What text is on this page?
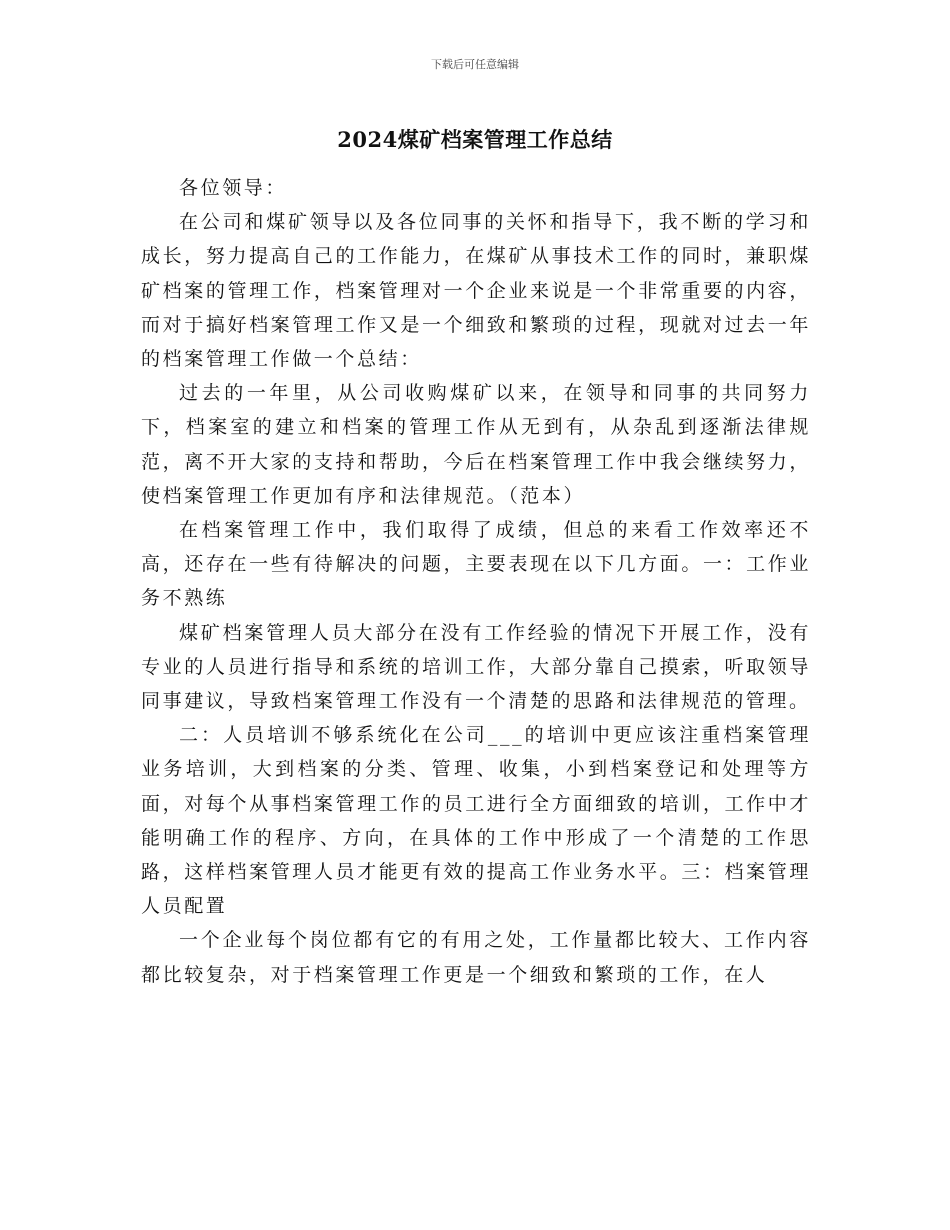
下载后可任意编辑
2024煤矿档案管理工作总结

各位领导：

在公司和煤矿领导以及各位同事的关怀和指导下，我不断的学习和成长，努力提高自己的工作能力，在煤矿从事技术工作的同时，兼职煤矿档案的管理工作，档案管理对一个企业来说是一个非常重要的内容，而对于搞好档案管理工作又是一个细致和繁琐的过程，现就对过去一年的档案管理工作做一个总结：

过去的一年里，从公司收购煤矿以来，在领导和同事的共同努力下，档案室的建立和档案的管理工作从无到有，从杂乱到逐渐法律规范，离不开大家的支持和帮助，今后在档案管理工作中我会继续努力，使档案管理工作更加有序和法律规范。（范本）

在档案管理工作中，我们取得了成绩，但总的来看工作效率还不高，还存在一些有待解决的问题，主要表现在以下几方面。一：工作业务不熟练

煤矿档案管理人员大部分在没有工作经验的情况下开展工作，没有专业的人员进行指导和系统的培训工作，大部分靠自己摸索，听取领导同事建议，导致档案管理工作没有一个清楚的思路和法律规范的管理。

二：人员培训不够系统化在公司___的培训中更应该注重档案管理业务培训，大到档案的分类、管理、收集，小到档案登记和处理等方面，对每个从事档案管理工作的员工进行全方面细致的培训，工作中才能明确工作的程序、方向，在具体的工作中形成了一个清楚的工作思路，这样档案管理人员才能更有效的提高工作业务水平。三：档案管理人员配置

一个企业每个岗位都有它的有用之处，工作量都比较大、工作内容都比较复杂，对于档案管理工作更是一个细致和繁琐的工作，在人
